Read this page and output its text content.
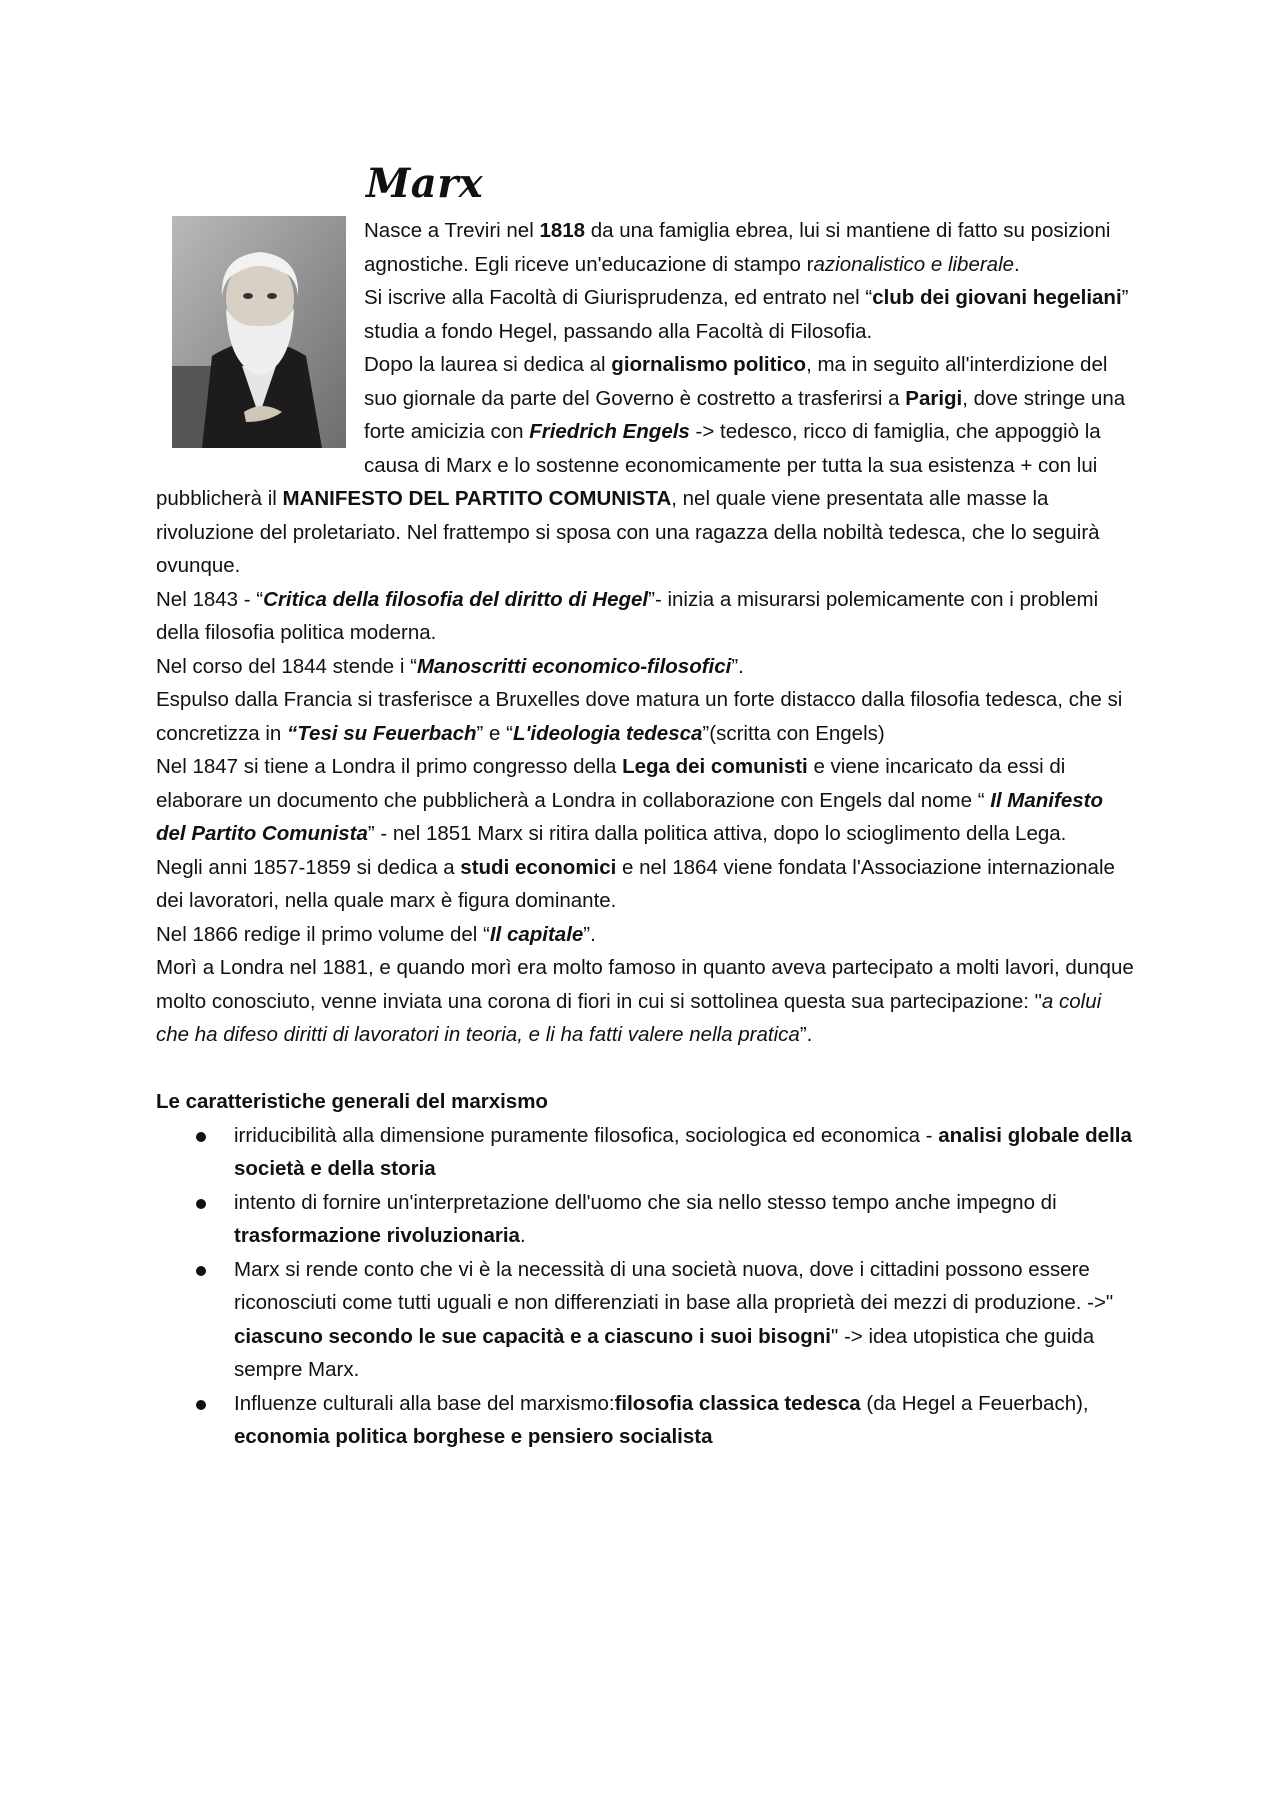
Marx

Nasce a Treviri nel 1818 da una famiglia ebrea, lui si mantiene di fatto su posizioni agnostiche. Egli riceve un'educazione di stampo razionalistico e liberale.

Si iscrive alla Facoltà di Giurisprudenza, ed entrato nel “club dei giovani hegeliani” studia a fondo Hegel, passando alla Facoltà di Filosofia.

Dopo la laurea si dedica al giornalismo politico, ma in seguito all'interdizione del suo giornale da parte del Governo è costretto a trasferirsi a Parigi, dove stringe una forte amicizia con Friedrich Engels -> tedesco, ricco di famiglia, che appoggiò la causa di Marx e lo sostenne economicamente per tutta la sua esistenza + con lui pubblicherà il MANIFESTO DEL PARTITO COMUNISTA, nel quale viene presentata alle masse la rivoluzione del proletariato. Nel frattempo si sposa con una ragazza della nobiltà tedesca, che lo seguirà ovunque.

Nel 1843 - “Critica della filosofia del diritto di Hegel”- inizia a misurarsi polemicamente con i problemi della filosofia politica moderna.

Nel corso del 1844 stende i “Manoscritti economico-filosofici”.

Espulso dalla Francia si trasferisce a Bruxelles dove matura un forte distacco dalla filosofia tedesca, che si concretizza in “Tesi su Feuerbach” e “L'ideologia tedesca”(scritta con Engels)

Nel 1847 si tiene a Londra il primo congresso della Lega dei comunisti e viene incaricato da essi di elaborare un documento che pubblicherà a Londra in collaborazione con Engels dal nome “ Il Manifesto del Partito Comunista” - nel 1851 Marx si ritira dalla politica attiva, dopo lo scioglimento della Lega.

Negli anni 1857-1859 si dedica a studi economici e nel 1864 viene fondata l'Associazione internazionale dei lavoratori, nella quale marx è figura dominante.

Nel 1866 redige il primo volume del “Il capitale”.

Morì a Londra nel 1881, e quando morì era molto famoso in quanto aveva partecipato a molti lavori, dunque molto conosciuto, venne inviata una corona di fiori in cui si sottolinea questa sua partecipazione: "a colui che ha difeso diritti di lavoratori in teoria, e li ha fatti valere nella pratica”.

Le caratteristiche generali del marxismo

irriducibilità alla dimensione puramente filosofica, sociologica ed economica - analisi globale della società e della storia
intento di fornire un'interpretazione dell'uomo che sia nello stesso tempo anche impegno di trasformazione rivoluzionaria.
Marx si rende conto che vi è la necessità di una società nuova, dove i cittadini possono essere riconosciuti come tutti uguali e non differenziati in base alla proprietà dei mezzi di produzione. ->" ciascuno secondo le sue capacità e a ciascuno i suoi bisogni" -> idea utopistica che guida sempre Marx.
Influenze culturali alla base del marxismo:filosofia classica tedesca (da Hegel a Feuerbach), economia politica borghese e pensiero socialista
